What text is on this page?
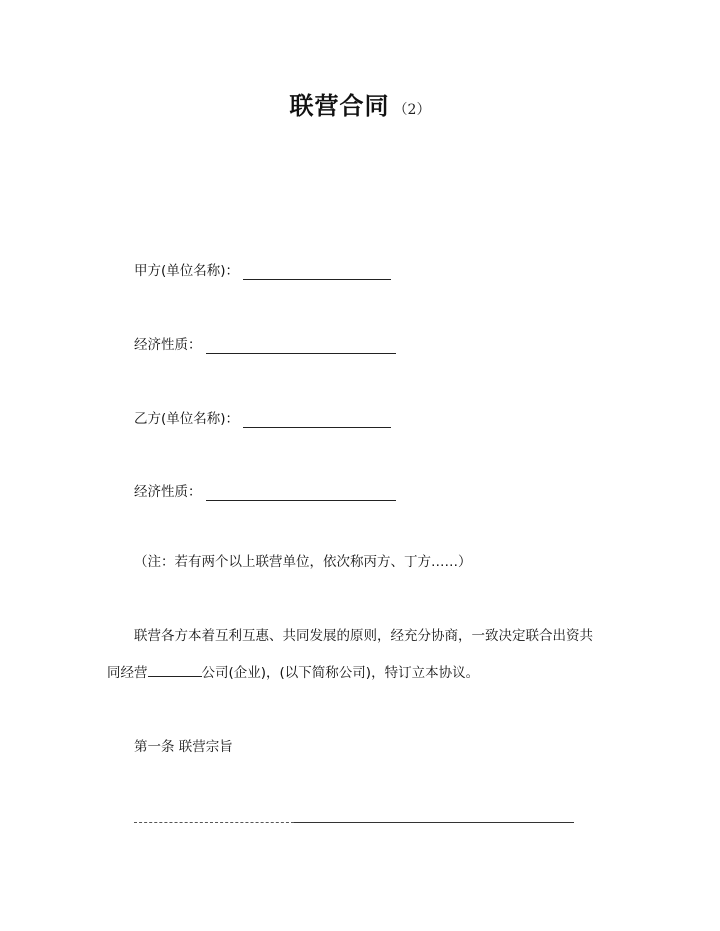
联营合同 （2）
甲方(单位名称)：
经济性质：
乙方(单位名称)：
经济性质：
（注：若有两个以上联营单位，依次称丙方、丁方……）
联营各方本着互利互惠、共同发展的原则，经充分协商，一致决定联合出资共
同经营	公司(企业)，(以下简称公司)，特订立本协议。
第一条 联营宗旨
